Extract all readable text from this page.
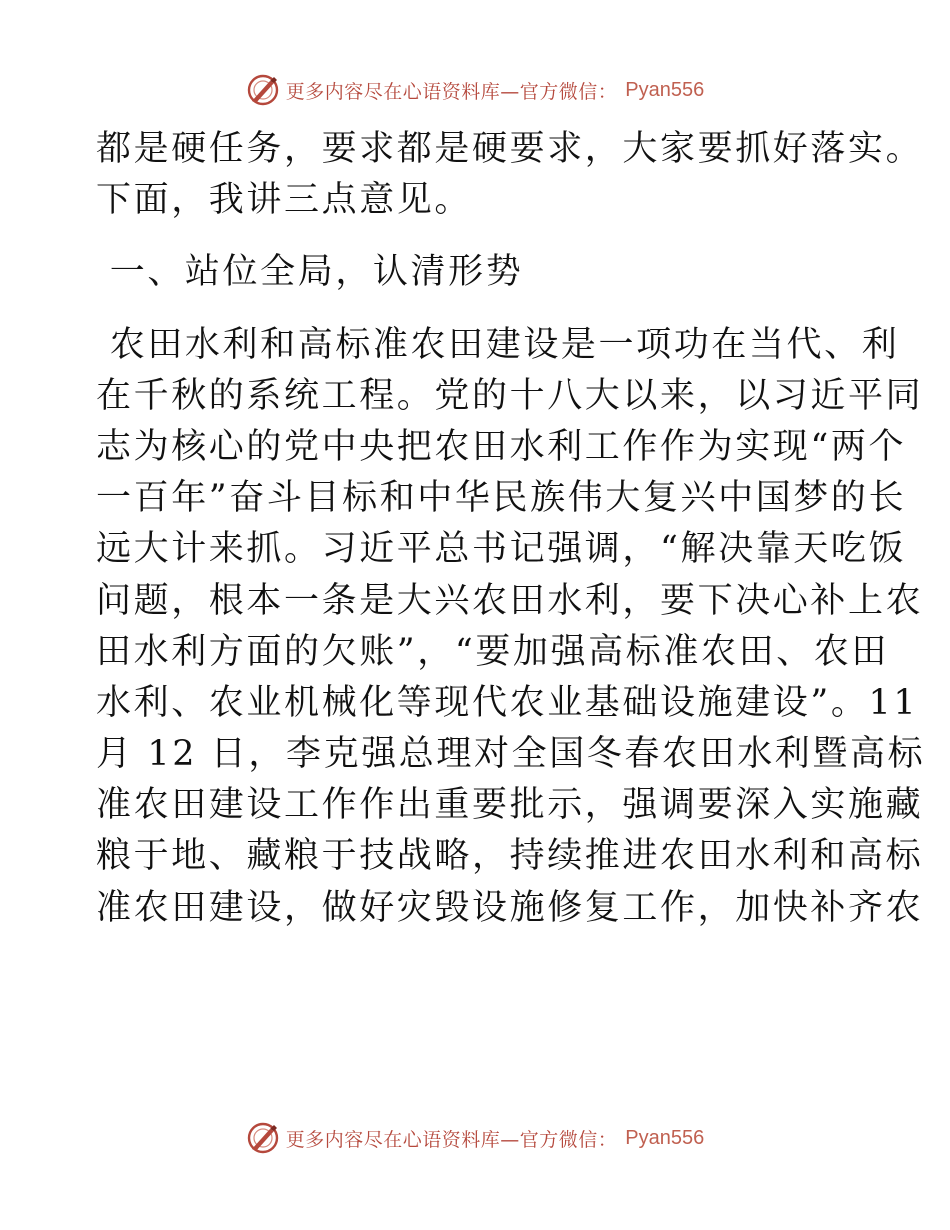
更多内容尽在心语资料库—官方微信： Pyan556
都是硬任务，要求都是硬要求，大家要抓好落实。
下面，我讲三点意见。
一、站位全局，认清形势
农田水利和高标准农田建设是一项功在当代、利
在千秋的系统工程。党的十八大以来，以习近平同
志为核心的党中央把农田水利工作作为实现“两个
一百年”奋斗目标和中华民族伟大复兴中国梦的长
远大计来抓。习近平总书记强调，“解决靠天吃饭
问题，根本一条是大兴农田水利，要下决心补上农
田水利方面的欠账”，“要加强高标准农田、农田
水利、农业机械化等现代农业基础设施建设”。11
月 12 日，李克强总理对全国冬春农田水利暨高标
准农田建设工作作出重要批示，强调要深入实施藏
粮于地、藏粮于技战略，持续推进农田水利和高标
准农田建设，做好灾毁设施修复工作，加快补齐农
更多内容尽在心语资料库—官方微信： Pyan556
